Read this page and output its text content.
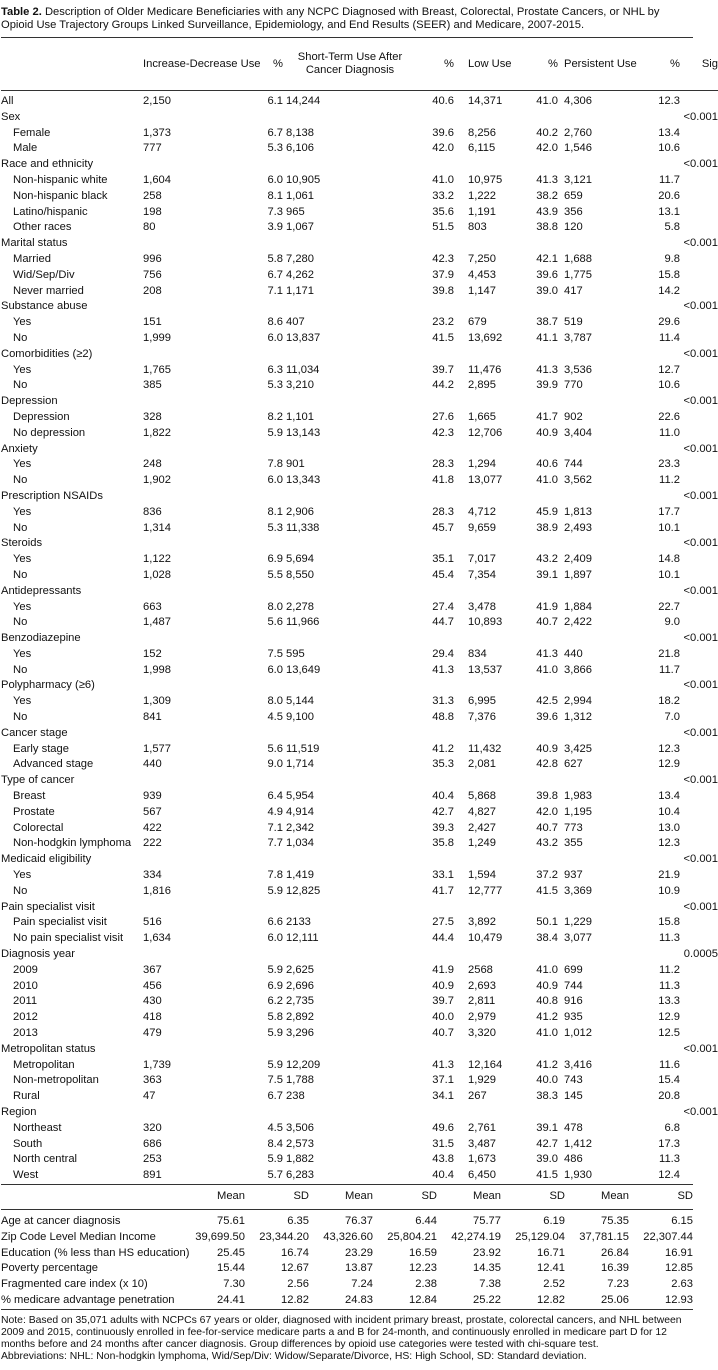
Table 2. Description of Older Medicare Beneficiaries with any NCPC Diagnosed with Breast, Colorectal, Prostate Cancers, or NHL by Opioid Use Trajectory Groups Linked Surveillance, Epidemiology, and End Results (SEER) and Medicare, 2007-2015.
	Increase-Decrease Use	%	Short-Term Use After Cancer Diagnosis	%	Low Use	%	Persistent Use	%	Sig
All	2,150	6.1	14,244	40.6	14,371	41.0	4,306	12.3	
Sex									<0.001
Female	1,373	6.7	8,138	39.6	8,256	40.2	2,760	13.4	
Male	777	5.3	6,106	42.0	6,115	42.0	1,546	10.6	
Race and ethnicity									<0.001
Non-hispanic white	1,604	6.0	10,905	41.0	10,975	41.3	3,121	11.7	
Non-hispanic black	258	8.1	1,061	33.2	1,222	38.2	659	20.6	
Latino/hispanic	198	7.3	965	35.6	1,191	43.9	356	13.1	
Other races	80	3.9	1,067	51.5	803	38.8	120	5.8	
Marital status									<0.001
Married	996	5.8	7,280	42.3	7,250	42.1	1,688	9.8	
Wid/Sep/Div	756	6.7	4,262	37.9	4,453	39.6	1,775	15.8	
Never married	208	7.1	1,171	39.8	1,147	39.0	417	14.2	
Substance abuse									<0.001
Yes	151	8.6	407	23.2	679	38.7	519	29.6	
No	1,999	6.0	13,837	41.5	13,692	41.1	3,787	11.4	
Comorbidities (≥2)									<0.001
Yes	1,765	6.3	11,034	39.7	11,476	41.3	3,536	12.7	
No	385	5.3	3,210	44.2	2,895	39.9	770	10.6	
Depression									<0.001
Depression	328	8.2	1,101	27.6	1,665	41.7	902	22.6	
No depression	1,822	5.9	13,143	42.3	12,706	40.9	3,404	11.0	
Anxiety									<0.001
Yes	248	7.8	901	28.3	1,294	40.6	744	23.3	
No	1,902	6.0	13,343	41.8	13,077	41.0	3,562	11.2	
Prescription NSAIDs									<0.001
Yes	836	8.1	2,906	28.3	4,712	45.9	1,813	17.7	
No	1,314	5.3	11,338	45.7	9,659	38.9	2,493	10.1	
Steroids									<0.001
Yes	1,122	6.9	5,694	35.1	7,017	43.2	2,409	14.8	
No	1,028	5.5	8,550	45.4	7,354	39.1	1,897	10.1	
Antidepressants									<0.001
Yes	663	8.0	2,278	27.4	3,478	41.9	1,884	22.7	
No	1,487	5.6	11,966	44.7	10,893	40.7	2,422	9.0	
Benzodiazepine									<0.001
Yes	152	7.5	595	29.4	834	41.3	440	21.8	
No	1,998	6.0	13,649	41.3	13,537	41.0	3,866	11.7	
Polypharmacy (≥6)									<0.001
Yes	1,309	8.0	5,144	31.3	6,995	42.5	2,994	18.2	
No	841	4.5	9,100	48.8	7,376	39.6	1,312	7.0	
Cancer stage									<0.001
Early stage	1,577	5.6	11,519	41.2	11,432	40.9	3,425	12.3	
Advanced stage	440	9.0	1,714	35.3	2,081	42.8	627	12.9	
Type of cancer									<0.001
Breast	939	6.4	5,954	40.4	5,868	39.8	1,983	13.4	
Prostate	567	4.9	4,914	42.7	4,827	42.0	1,195	10.4	
Colorectal	422	7.1	2,342	39.3	2,427	40.7	773	13.0	
Non-hodgkin lymphoma	222	7.7	1,034	35.8	1,249	43.2	355	12.3	
Medicaid eligibility									<0.001
Yes	334	7.8	1,419	33.1	1,594	37.2	937	21.9	
No	1,816	5.9	12,825	41.7	12,777	41.5	3,369	10.9	
Pain specialist visit									<0.001
Pain specialist visit	516	6.6	2133	27.5	3,892	50.1	1,229	15.8	
No pain specialist visit	1,634	6.0	12,111	44.4	10,479	38.4	3,077	11.3	
Diagnosis year									0.0005
2009	367	5.9	2,625	41.9	2568	41.0	699	11.2	
2010	456	6.9	2,696	40.9	2,693	40.9	744	11.3	
2011	430	6.2	2,735	39.7	2,811	40.8	916	13.3	
2012	418	5.8	2,892	40.0	2,979	41.2	935	12.9	
2013	479	5.9	3,296	40.7	3,320	41.0	1,012	12.5	
Metropolitan status									<0.001
Metropolitan	1,739	5.9	12,209	41.3	12,164	41.2	3,416	11.6	
Non-metropolitan	363	7.5	1,788	37.1	1,929	40.0	743	15.4	
Rural	47	6.7	238	34.1	267	38.3	145	20.8	
Region									<0.001
Northeast	320	4.5	3,506	49.6	2,761	39.1	478	6.8	
South	686	8.4	2,573	31.5	3,487	42.7	1,412	17.3	
North central	253	5.9	1,882	43.8	1,673	39.0	486	11.3	
West	891	5.7	6,283	40.4	6,450	41.5	1,930	12.4	
	Mean	SD	Mean	SD	Mean	SD	Mean	SD
Age at cancer diagnosis	75.61	6.35	76.37	6.44	75.77	6.19	75.35	6.15
Zip Code Level Median Income	39,699.50	23,344.20	43,326.60	25,804.21	42,274.19	25,129.04	37,781.15	22,307.44
Education (% less than HS education)	25.45	16.74	23.29	16.59	23.92	16.71	26.84	16.91
Poverty percentage	15.44	12.67	13.87	12.23	14.35	12.41	16.39	12.85
Fragmented care index (x 10)	7.30	2.56	7.24	2.38	7.38	2.52	7.23	2.63
% medicare advantage penetration	24.41	12.82	24.83	12.84	25.22	12.82	25.06	12.93

Note: Based on 35,071 adults with NCPCs 67 years or older, diagnosed with incident primary breast, prostate, colorectal cancers, and NHL between 2009 and 2015, continuously enrolled in fee-for-service medicare parts a and B for 24-month, and continuously enrolled in medicare part D for 12 months before and 24 months after cancer diagnosis. Group differences by opioid use categories were tested with chi-square test.

Abbreviations: NHL: Non-hodgkin lymphoma, Wid/Sep/Div: Widow/Separate/Divorce, HS: High School, SD: Standard deviation.
